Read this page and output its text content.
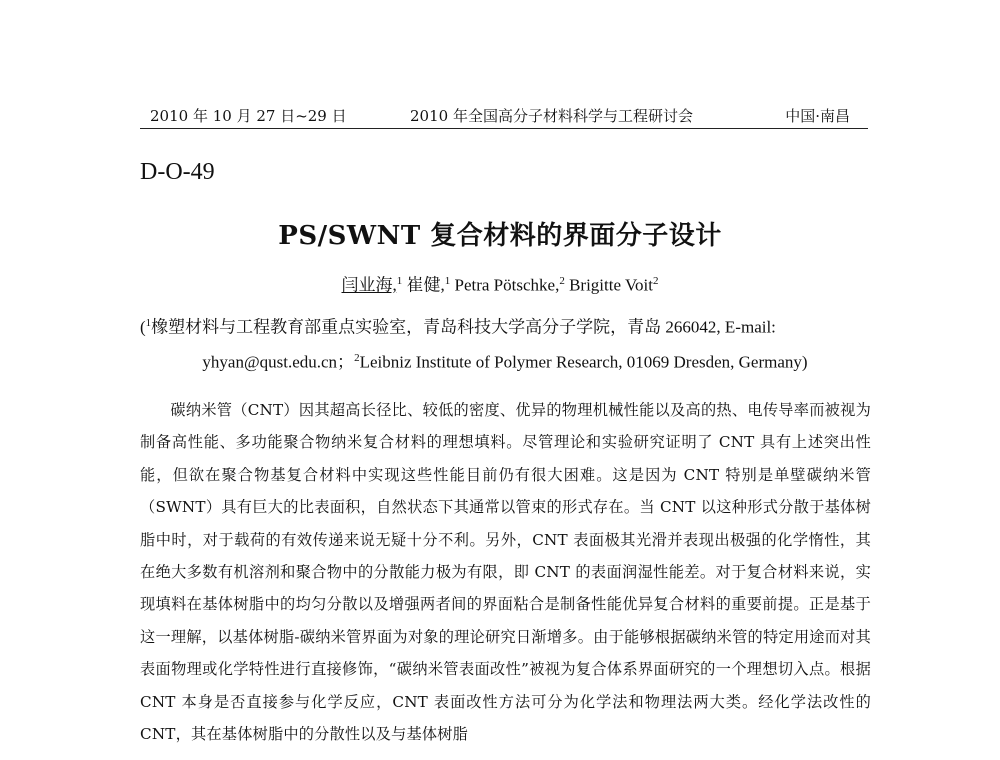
2010 年 10 月 27 日~29 日	2010 年全国高分子材料科学与工程研讨会	中国·南昌
D-O-49
PS/SWNT 复合材料的界面分子设计
闫业海,$^1$ 崔健,$^1$ Petra Pötschke,$^2$ Brigitte Voit$^2$
($^1$橡塑材料与工程教育部重点实验室，青岛科技大学高分子学院，青岛 266042, E-mail:
yhyan@qust.edu.cn；$^2$Leibniz Institute of Polymer Research, 01069 Dresden, Germany)
碳纳米管（CNT）因其超高长径比、较低的密度、优异的物理机械性能以及高的热、电传导率而被视为制备高性能、多功能聚合物纳米复合材料的理想填料。尽管理论和实验研究证明了 CNT 具有上述突出性能，但欲在聚合物基复合材料中实现这些性能目前仍有很大困难。这是因为 CNT 特别是单壁碳纳米管（SWNT）具有巨大的比表面积，自然状态下其通常以管束的形式存在。当 CNT 以这种形式分散于基体树脂中时，对于载荷的有效传递来说无疑十分不利。另外，CNT 表面极其光滑并表现出极强的化学惰性，其在绝大多数有机溶剂和聚合物中的分散能力极为有限，即 CNT 的表面润湿性能差。对于复合材料来说，实现填料在基体树脂中的均匀分散以及增强两者间的界面粘合是制备性能优异复合材料的重要前提。正是基于这一理解，以基体树脂-碳纳米管界面为对象的理论研究日渐增多。由于能够根据碳纳米管的特定用途而对其表面物理或化学特性进行直接修饰，“碳纳米管表面改性”被视为复合体系界面研究的一个理想切入点。根据 CNT 本身是否直接参与化学反应，CNT 表面改性方法可分为化学法和物理法两大类。经化学法改性的 CNT，其在基体树脂中的分散性以及与基体树脂
